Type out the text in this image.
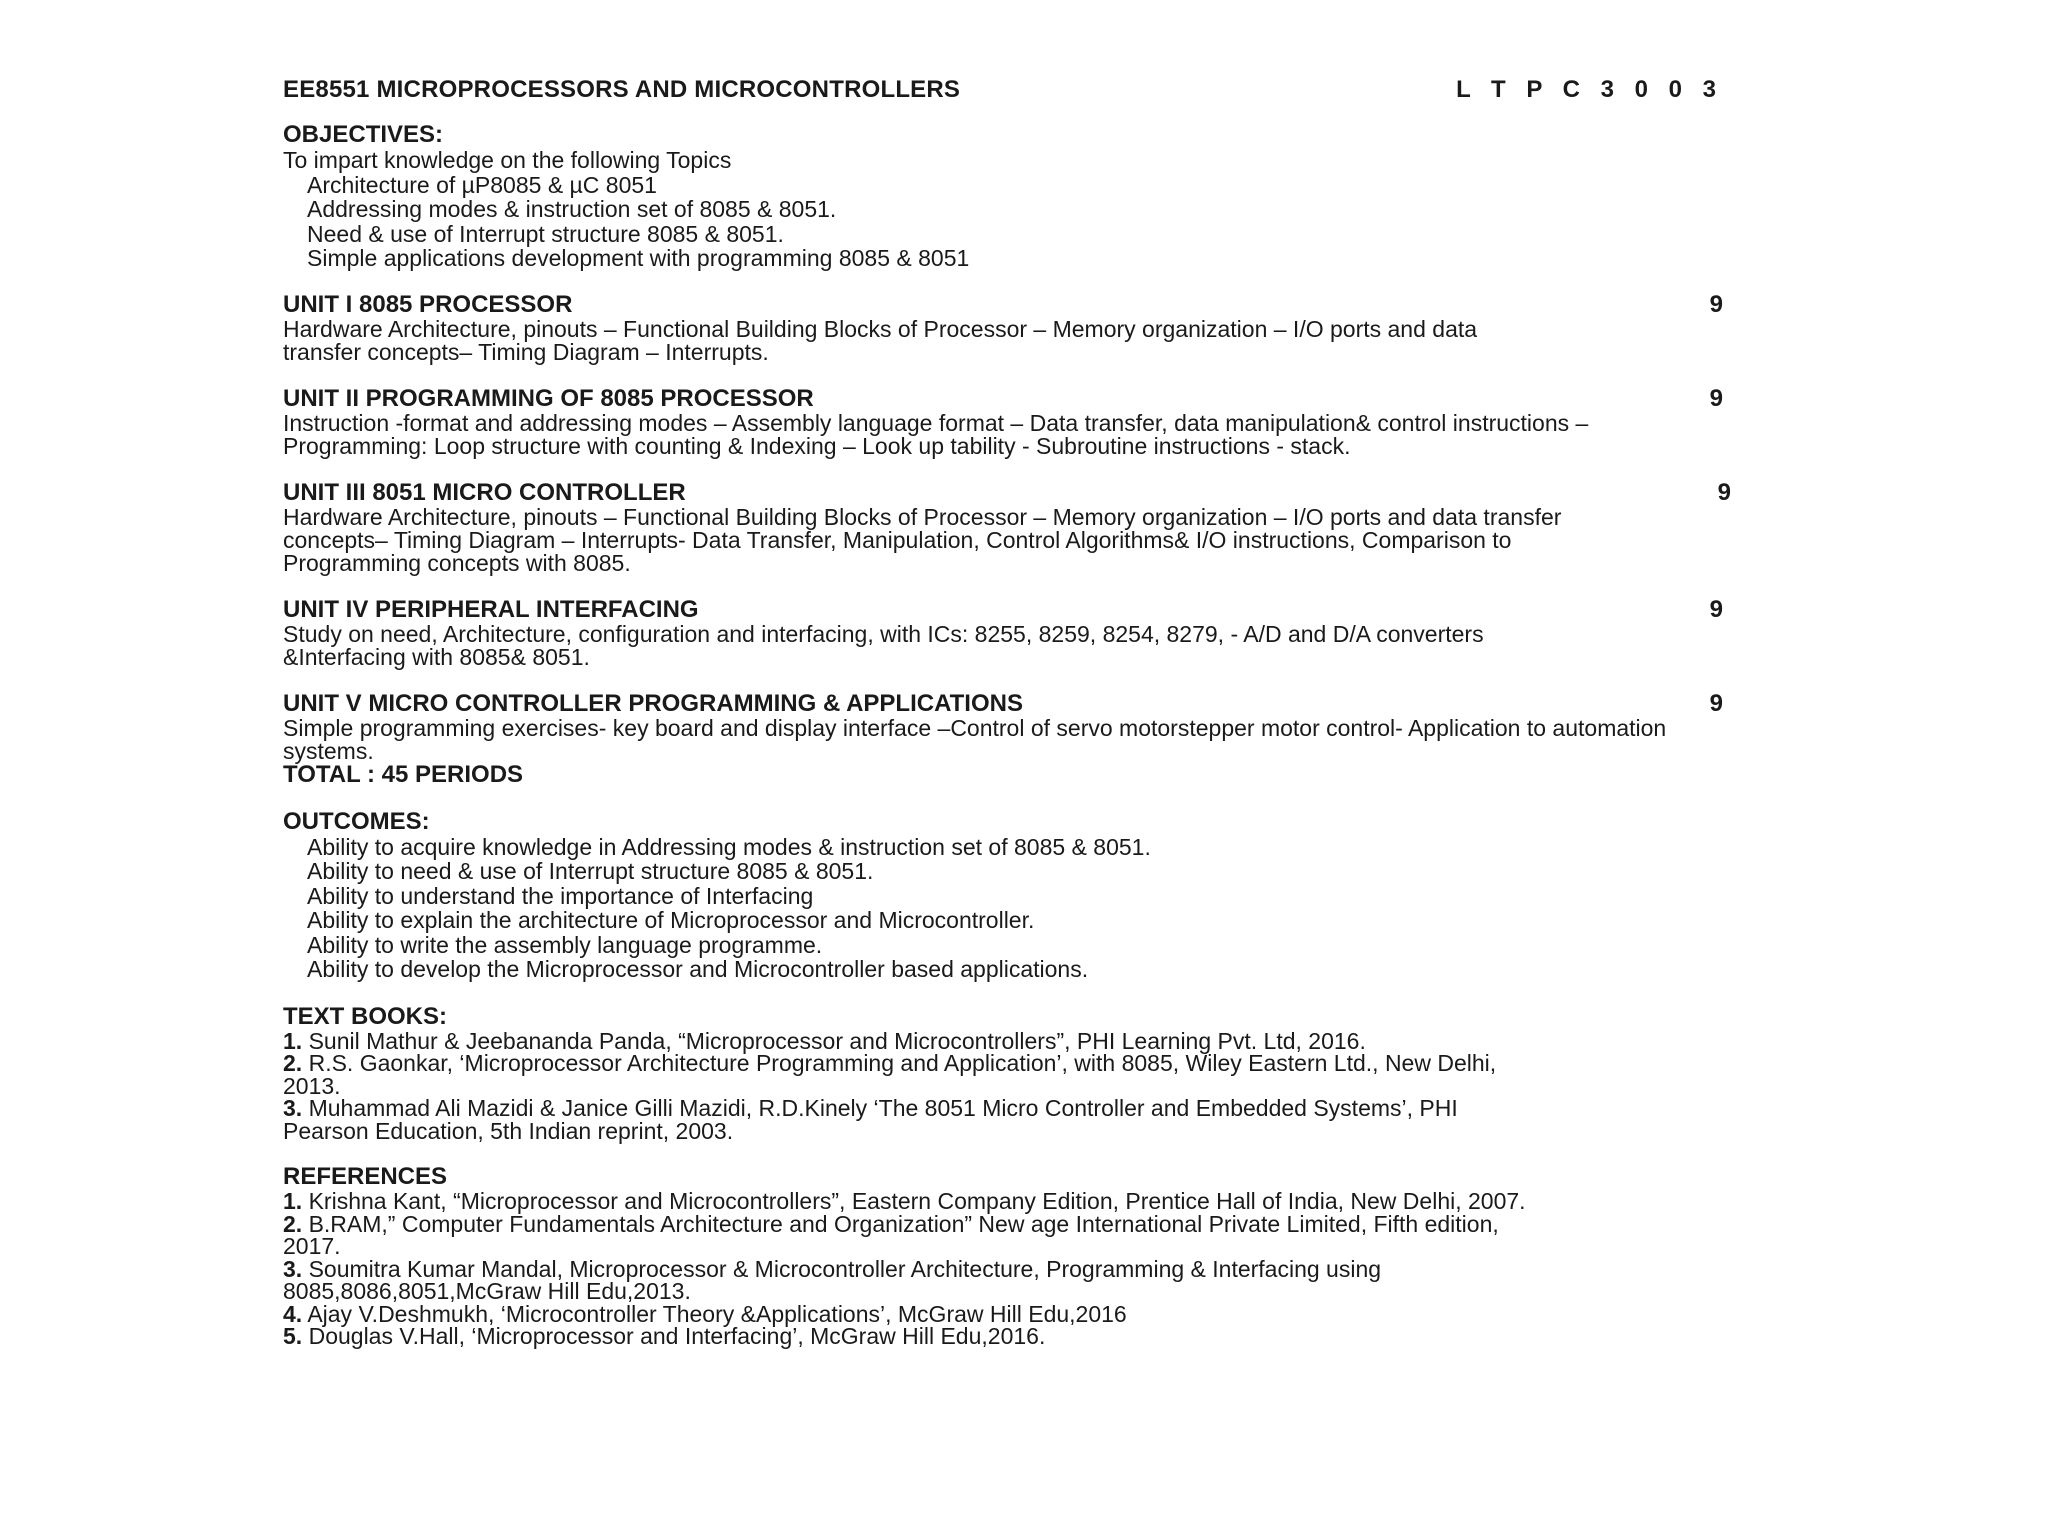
EE8551 MICROPROCESSORS AND MICROCONTROLLERS	L T P C 3 0 0 3

OBJECTIVES:

To impart knowledge on the following Topics

Architecture of µP8085 & µC 8051
Addressing modes & instruction set of 8085 & 8051.
Need & use of Interrupt structure 8085 & 8051.
Simple applications development with programming 8085 & 8051
UNIT I 8085 PROCESSOR	9
Hardware Architecture, pinouts – Functional Building Blocks of Processor – Memory organization – I/O ports and data transfer concepts– Timing Diagram – Interrupts.
UNIT II PROGRAMMING OF 8085 PROCESSOR	9
Instruction -format and addressing modes – Assembly language format – Data transfer, data manipulation& control instructions – Programming: Loop structure with counting & Indexing – Look up tability - Subroutine instructions - stack.
UNIT III 8051 MICRO CONTROLLER	9
Hardware Architecture, pinouts – Functional Building Blocks of Processor – Memory organization – I/O ports and data transfer concepts– Timing Diagram – Interrupts- Data Transfer, Manipulation, Control Algorithms& I/O instructions, Comparison to Programming concepts with 8085.
UNIT IV PERIPHERAL INTERFACING	9
Study on need, Architecture, configuration and interfacing, with ICs: 8255, 8259, 8254, 8279, - A/D and D/A converters &Interfacing with 8085& 8051.
UNIT V MICRO CONTROLLER PROGRAMMING & APPLICATIONS	9
Simple programming exercises- key board and display interface –Control of servo motorstepper motor control- Application to automation systems.
TOTAL : 45 PERIODS

OUTCOMES:

Ability to acquire knowledge in Addressing modes & instruction set of 8085 & 8051.
Ability to need & use of Interrupt structure 8085 & 8051.
Ability to understand the importance of Interfacing
Ability to explain the architecture of Microprocessor and Microcontroller.
Ability to write the assembly language programme.
Ability to develop the Microprocessor and Microcontroller based applications.

TEXT BOOKS:

1. Sunil Mathur & Jeebananda Panda, “Microprocessor and Microcontrollers”, PHI Learning Pvt. Ltd, 2016.
2. R.S. Gaonkar, ‘Microprocessor Architecture Programming and Application’, with 8085, Wiley Eastern Ltd., New Delhi, 2013.
3. Muhammad Ali Mazidi & Janice Gilli Mazidi, R.D.Kinely ‘The 8051 Micro Controller and Embedded Systems’, PHI Pearson Education, 5th Indian reprint, 2003.

REFERENCES

1. Krishna Kant, “Microprocessor and Microcontrollers”, Eastern Company Edition, Prentice Hall of India, New Delhi, 2007.
2. B.RAM,” Computer Fundamentals Architecture and Organization” New age International Private Limited, Fifth edition, 2017.
3. Soumitra Kumar Mandal, Microprocessor & Microcontroller Architecture, Programming & Interfacing using 8085,8086,8051,McGraw Hill Edu,2013.
4. Ajay V.Deshmukh, ‘Microcontroller Theory &Applications’, McGraw Hill Edu,2016
5. Douglas V.Hall, ‘Microprocessor and Interfacing’, McGraw Hill Edu,2016.
